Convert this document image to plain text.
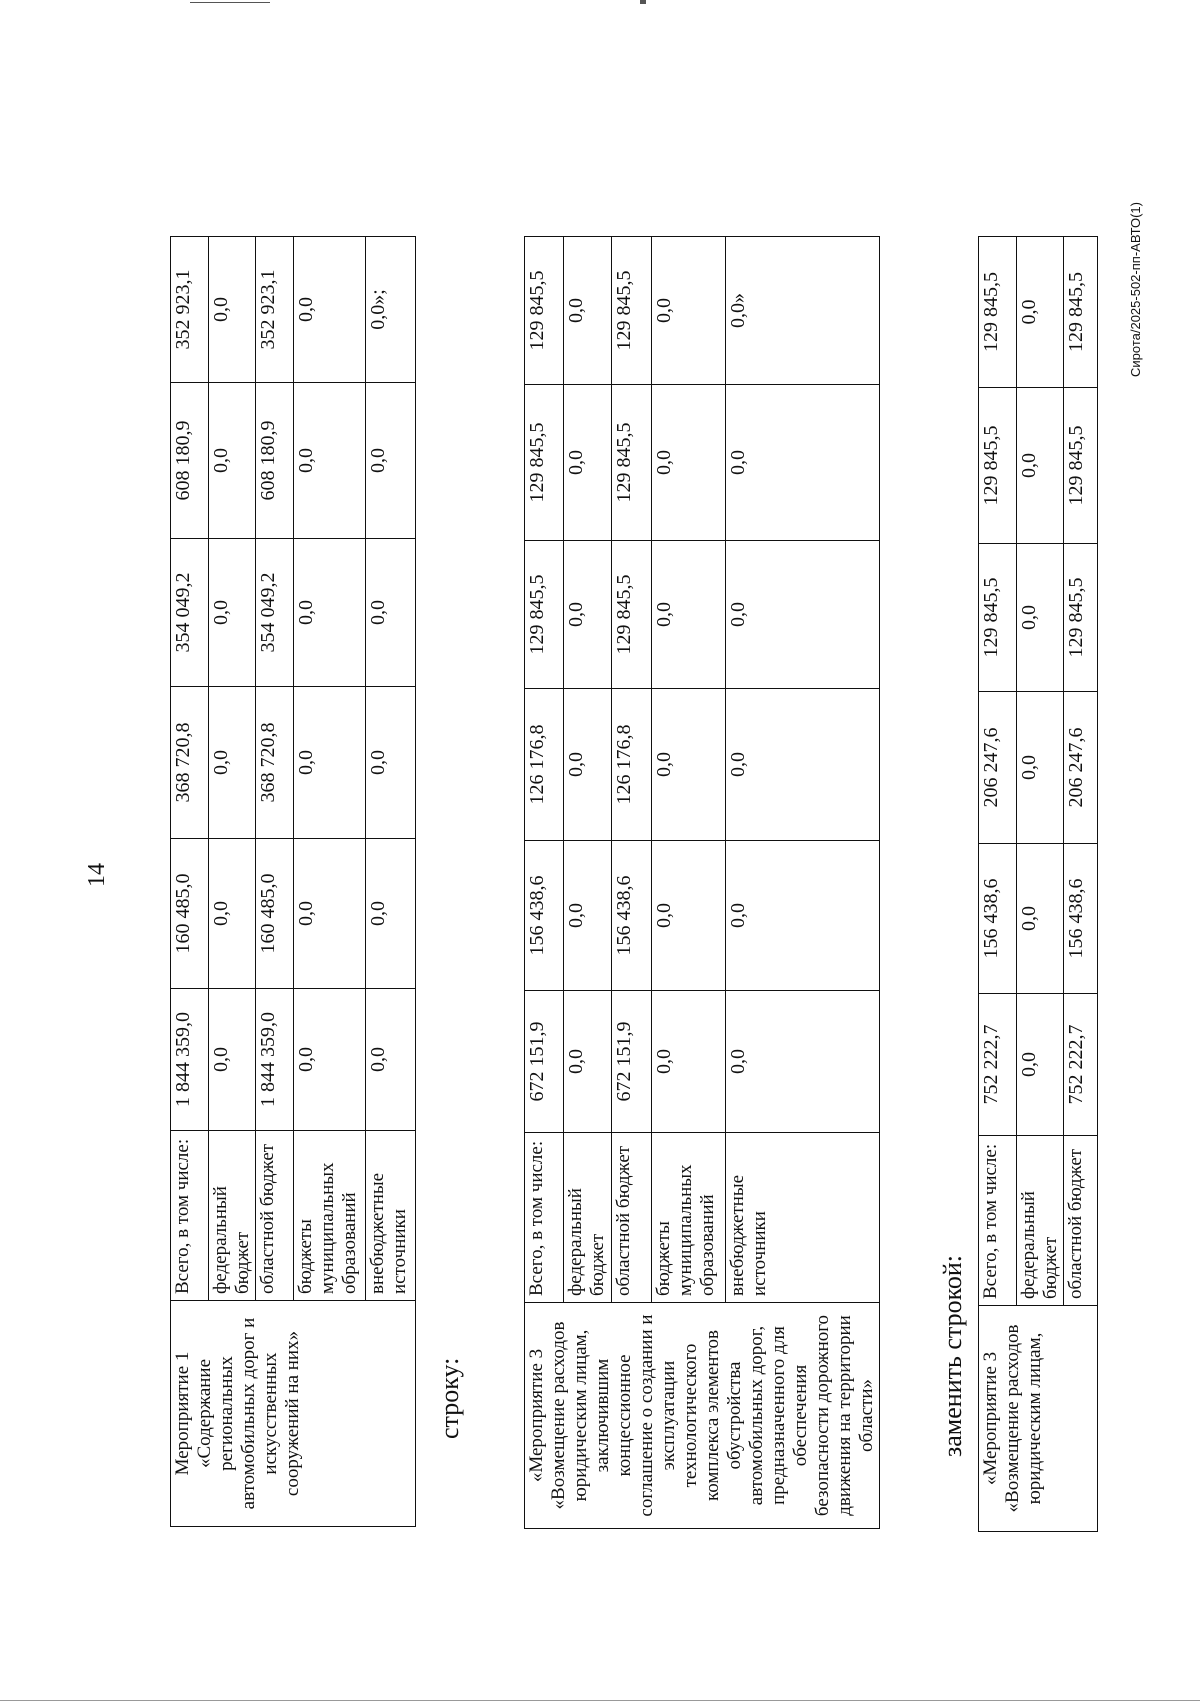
14
Мероприятие 1
«Содержание региональных автомобильных дорог и искусственных сооружений на них»	Всего, в том числе:	1 844 359,0	160 485,0	368 720,8	354 049,2	608 180,9	352 923,1
	федеральный бюджет	0,0	0,0	0,0	0,0	0,0	0,0
	областной бюджет	1 844 359,0	160 485,0	368 720,8	354 049,2	608 180,9	352 923,1
	бюджеты муниципальных образований	0,0	0,0	0,0	0,0	0,0	0,0
	внебюджетные источники	0,0	0,0	0,0	0,0	0,0	0,0»;
строку:	«Мероприятие 3
«Возмещение расходов юридическим лицам, заключившим концессионное соглашение о создании и эксплуатации технологического комплекса элементов обустройства автомобильных дорог, предназначенного для обеспечения безопасности дорожного движения на территории области»	Всего, в том числе:	672 151,9	156 438,6	126 176,8	129 845,5	129 845,5	129 845,5
	федеральный бюджет	0,0	0,0	0,0	0,0	0,0	0,0
	областной бюджет	672 151,9	156 438,6	126 176,8	129 845,5	129 845,5	129 845,5
	бюджеты муниципальных образований	0,0	0,0	0,0	0,0	0,0	0,0
	внебюджетные источники	0,0	0,0	0,0	0,0	0,0	0,0»
заменить строкой: «Мероприятие 3
«Возмещение расходов юридическим лицам,	Всего, в том числе:	752 222,7	156 438,6	206 247,6	129 845,5	129 845,5	129 845,5
	федеральный бюджет	0,0	0,0	0,0	0,0	0,0	0,0
	областной бюджет	752 222,7	156 438,6	206 247,6	129 845,5	129 845,5	129 845,5	Сирота/2025-502-пп-АВТО(1)
